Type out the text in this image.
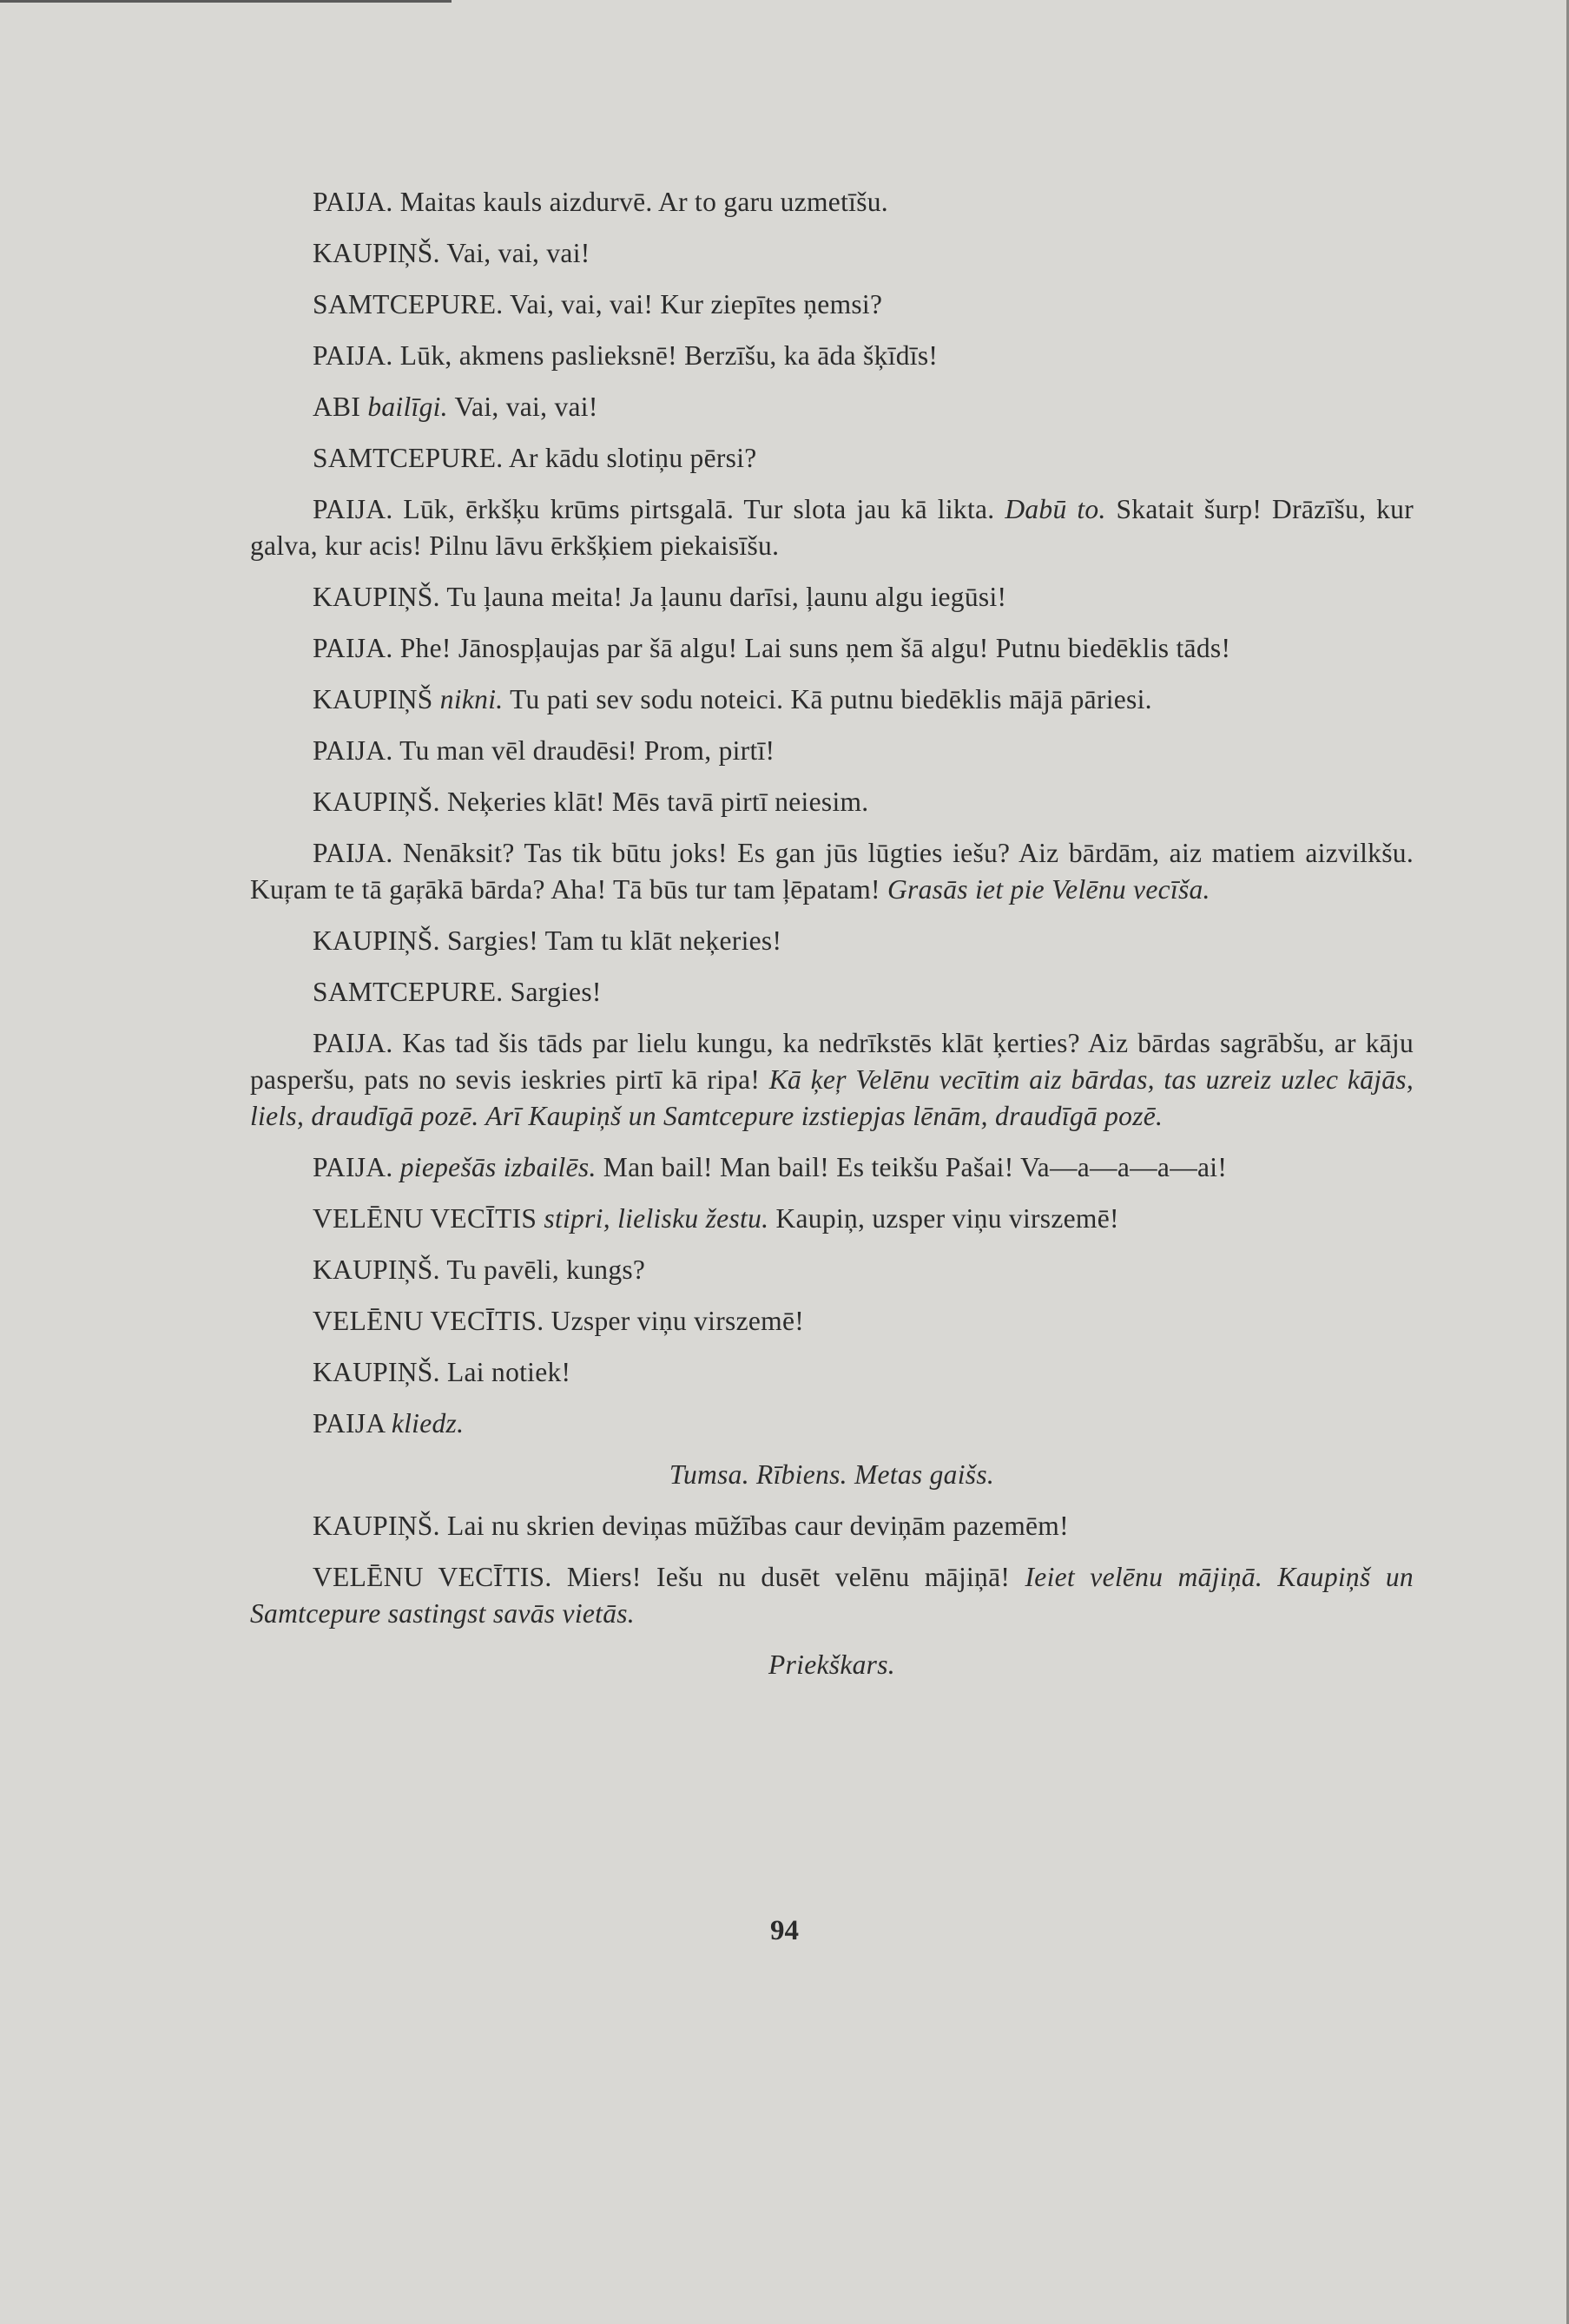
PAIJA. Maitas kauls aizdurvē. Ar to garu uzmetīšu.

KAUPIŅŠ. Vai, vai, vai!

SAMTCEPURE. Vai, vai, vai! Kur ziepītes ņemsi?

PAIJA. Lūk, akmens paslieksnē! Berzīšu, ka āda šķīdīs!

ABI bailīgi. Vai, vai, vai!

SAMTCEPURE. Ar kādu slotiņu pērsi?

PAIJA. Lūk, ērkšķu krūms pirtsgalā. Tur slota jau kā likta. Dabū to. Skatait šurp! Drāzīšu, kur galva, kur acis! Pilnu lāvu ērkšķiem piekaisīšu.

KAUPIŅŠ. Tu ļauna meita! Ja ļaunu darīsi, ļaunu algu iegūsi!

PAIJA. Phe! Jānospļaujas par šā algu! Lai suns ņem šā algu! Putnu biedēklis tāds!

KAUPIŅŠ nikni. Tu pati sev sodu noteici. Kā putnu biedēklis mājā pāriesi.

PAIJA. Tu man vēl draudēsi! Prom, pirtī!

KAUPIŅŠ. Neķeries klāt! Mēs tavā pirtī neiesim.

PAIJA. Nenāksit? Tas tik būtu joks! Es gan jūs lūgties iešu? Aiz bārdām, aiz matiem aizvilkšu. Kuŗam te tā gaŗākā bārda? Aha! Tā būs tur tam ļēpatam! Grasās iet pie Velēnu vecīša.

KAUPIŅŠ. Sargies! Tam tu klāt neķeries!

SAMTCEPURE. Sargies!

PAIJA. Kas tad šis tāds par lielu kungu, ka nedrīkstēs klāt ķerties? Aiz bārdas sagrābšu, ar kāju pasperšu, pats no sevis ieskries pirtī kā ripa! Kā ķeŗ Velēnu vecītim aiz bārdas, tas uzreiz uzlec kājās, liels, draudīgā pozē. Arī Kaupiņš un Samtcepure izstiepjas lēnām, draudīgā pozē.

PAIJA. piepešās izbailēs. Man bail! Man bail! Es teikšu Pašai! Va—a—a—a—ai!

VELĒNU VECĪTIS stipri, lielisku žestu. Kaupiņ, uzsper viņu virszemē!

KAUPIŅŠ. Tu pavēli, kungs?

VELĒNU VECĪTIS. Uzsper viņu virszemē!

KAUPIŅŠ. Lai notiek!

PAIJA kliedz.

Tumsa. Rībiens. Metas gaišs.

KAUPIŅŠ. Lai nu skrien deviņas mūžības caur deviņām pazemēm!

VELĒNU VECĪTIS. Miers! Iešu nu dusēt velēnu mājiņā! Ieiet velēnu mājiņā. Kaupiņš un Samtcepure sastingst savās vietās.

Priekškars.

94
